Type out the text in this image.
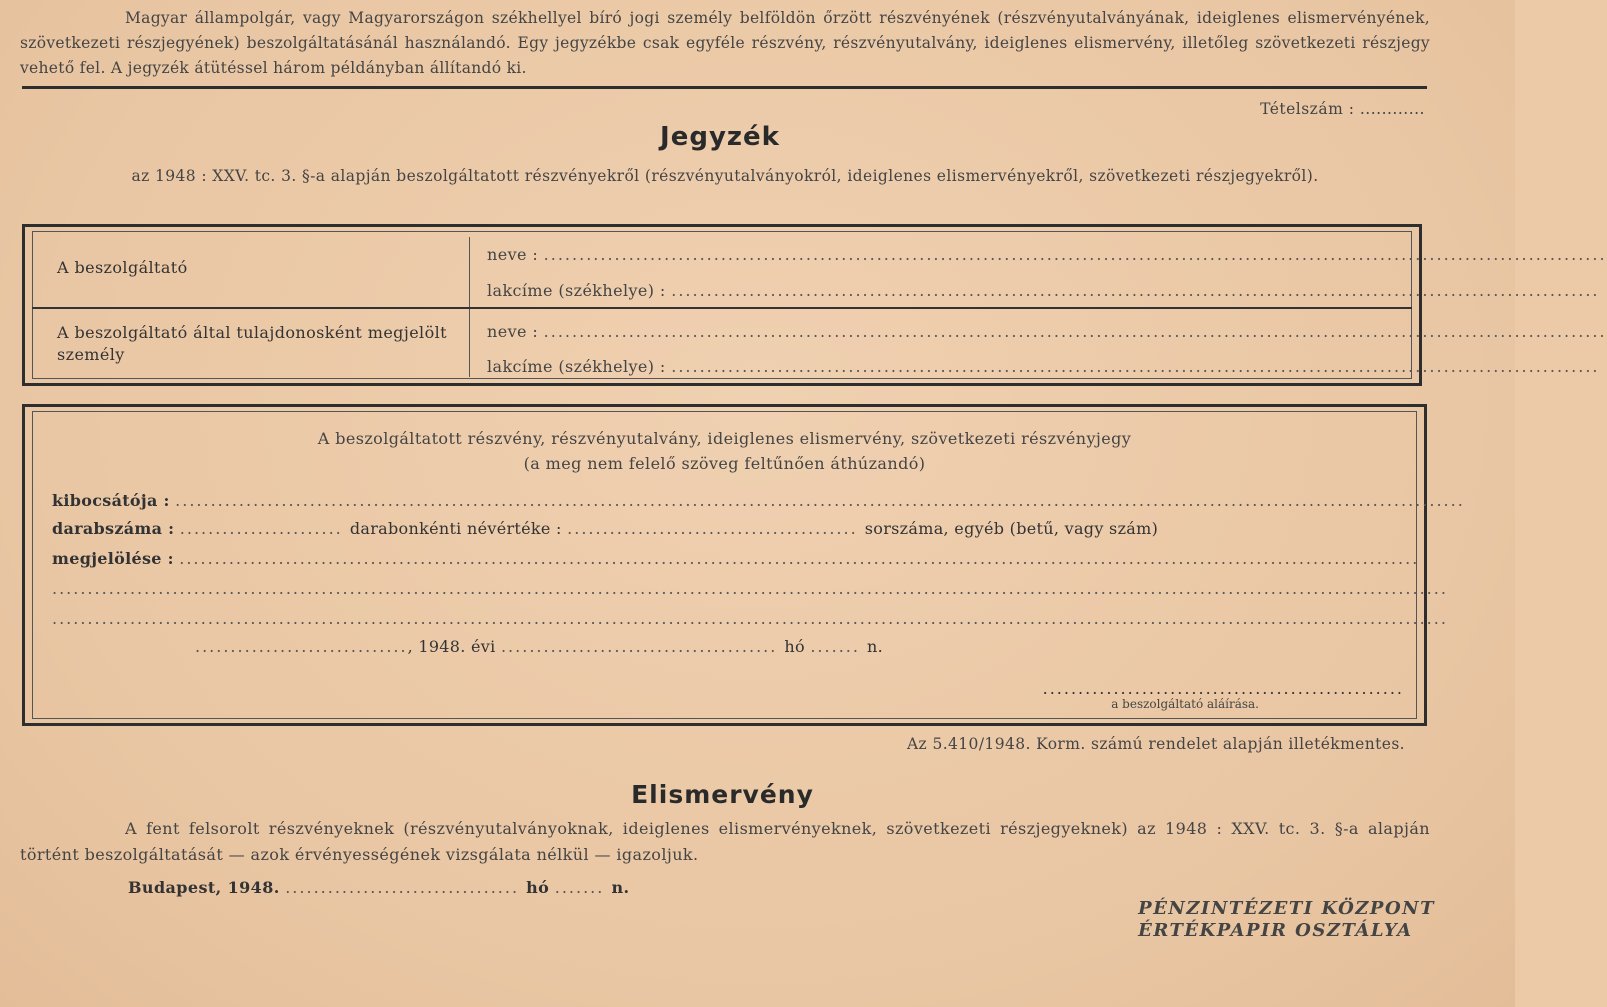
Magyar állampolgár, vagy Magyarországon székhellyel bíró jogi személy belföldön őrzött részvényének (részvényutalványának, ideiglenes elismervényének, szövetkezeti részjegyének) beszolgáltatásánál használandó. Egy jegyzékbe csak egyféle részvény, részvényutalvány, ideiglenes elismervény, illetőleg szövetkezeti részjegy vehető fel. A jegyzék átütéssel három példányban állítandó ki.
Tételszám : ............
Jegyzék
az 1948 : XXV. tc. 3. §-a alapján beszolgáltatott részvényekről (részvényutalványokról, ideiglenes elismervényekről, szövetkezeti részjegyekről).
A beszolgáltató
neve : ......................................................................................................................................................
lakcíme (székhelye) : ...................................................................................................................................
A beszolgáltató által tulajdonosként megjelölt személy
neve : ......................................................................................................................................................
lakcíme (székhelye) : ...................................................................................................................................
A beszolgáltatott részvény, részvényutalvány, ideiglenes elismervény, szövetkezeti részvényjegy
(a meg nem felelő szöveg feltűnően áthúzandó)
kibocsátója : ......................................................................................................................................................................................
darabszáma : ....................... darabonkénti névértéke : ......................................... sorszáma, egyéb (betű, vagy szám)
megjelölése : ...............................................................................................................................................................................
.....................................................................................................................................................................................................
.....................................................................................................................................................................................................
.............................., 1948. évi ....................................... hó ....... n.
...................................................
a beszolgáltató aláírása.
Az 5.410/1948. Korm. számú rendelet alapján illetékmentes.
Elismervény
A fent felsorolt részvényeknek (részvényutalványoknak, ideiglenes elismervényeknek, szövetkezeti részjegyeknek) az 1948 : XXV. tc. 3. §-a alapján történt beszolgáltatását — azok érvényességének vizsgálata nélkül — igazoljuk.
Budapest, 1948. ................................. hó ....... n.
PÉNZINTÉZETI KÖZPONT
ÉRTÉKPAPIR OSZTÁLYA
